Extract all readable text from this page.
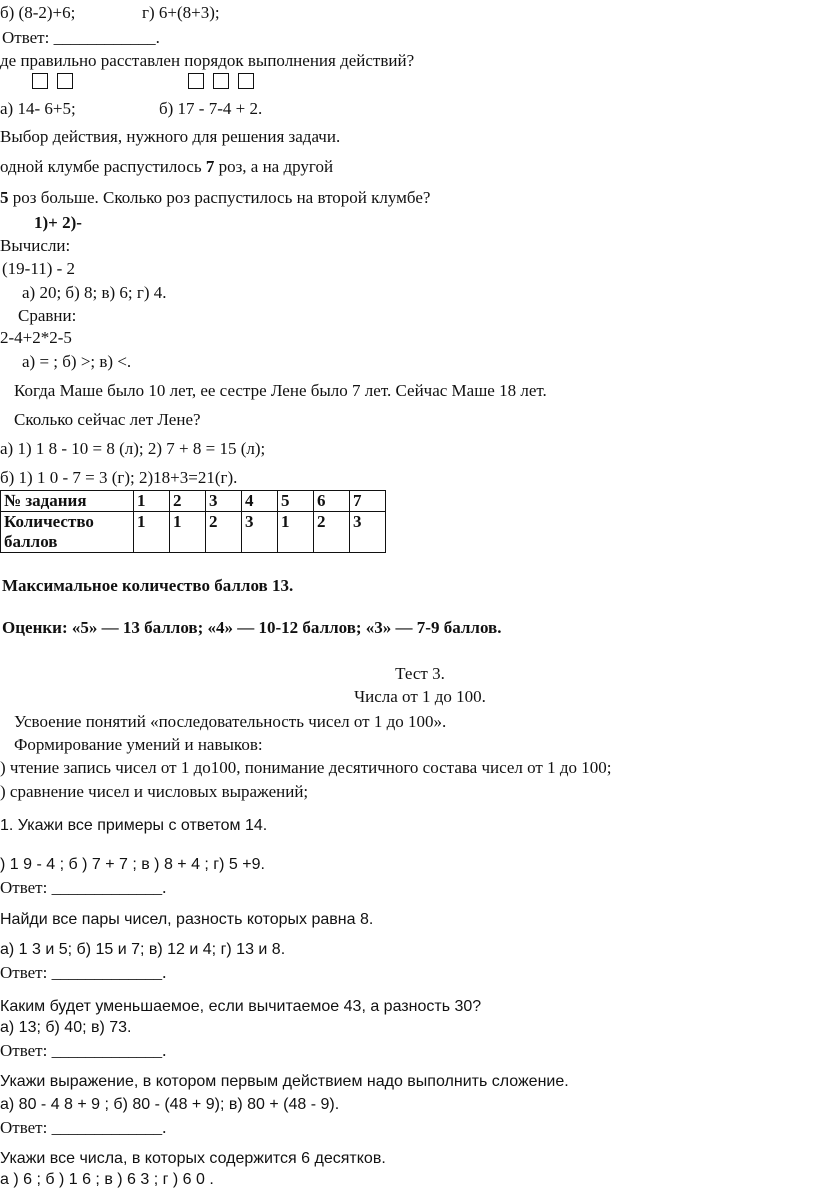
б) (8-2)+6;	г) 6+(8+3);
Ответ: ____________.
де правильно расставлен порядок выполнения действий?
а) 14- 6+5;	б) 17 - 7-4 + 2.
Выбор действия, нужного для решения задачи.
одной клумбе распустилось 7 роз, а на другой
5 роз больше. Сколько роз распустилось на второй клумбе?
1)+ 2)-
Вычисли:
(19-11) - 2
а) 20; б) 8; в) 6; г) 4.
Сравни:
2-4+2*2-5
а) = ; б) >; в) <.
Когда Маше было 10 лет, ее сестре Лене было 7 лет. Сейчас Маше 18 лет.
Сколько сейчас лет Лене?
а) 1) 1 8 - 10 = 8 (л); 2) 7 + 8 = 15 (л);
б) 1) 1 0 - 7 = 3 (г); 2)18+3=21(г).
№ задания	1	2	3	4	5	6	7
Количество баллов	1	1	2	3	1	2	3
Максимальное количество баллов 13.
Оценки: «5» — 13 баллов; «4» — 10-12 баллов; «3» — 7-9 баллов.
Тест 3.
Числа от 1 до 100.
Усвоение понятий «последовательность чисел от 1 до 100».
Формирование умений и навыков:
) чтение запись чисел от 1 до100, понимание десятичного состава чисел от 1 до 100;
) сравнение чисел и числовых выражений;
1. Укажи все примеры с ответом 14.
) 1 9 - 4 ; б ) 7 + 7 ; в ) 8 + 4 ; г) 5 +9.
Ответ: _____________.
Найди все пары чисел, разность которых равна 8.
а) 1 3 и 5; б) 15 и 7; в) 12 и 4; г) 13 и 8.
Ответ: _____________.
Каким будет уменьшаемое, если вычитаемое 43, а разность 30?
а) 13; б) 40; в) 73.
Ответ: _____________.
Укажи выражение, в котором первым действием надо выполнить сложение.
а) 80 - 4 8 + 9 ; б) 80 - (48 + 9); в) 80 + (48 - 9).
Ответ: _____________.
Укажи все числа, в которых содержится 6 десятков.
а ) 6 ; б ) 1 6 ; в ) 6 3 ; г ) 6 0 .
